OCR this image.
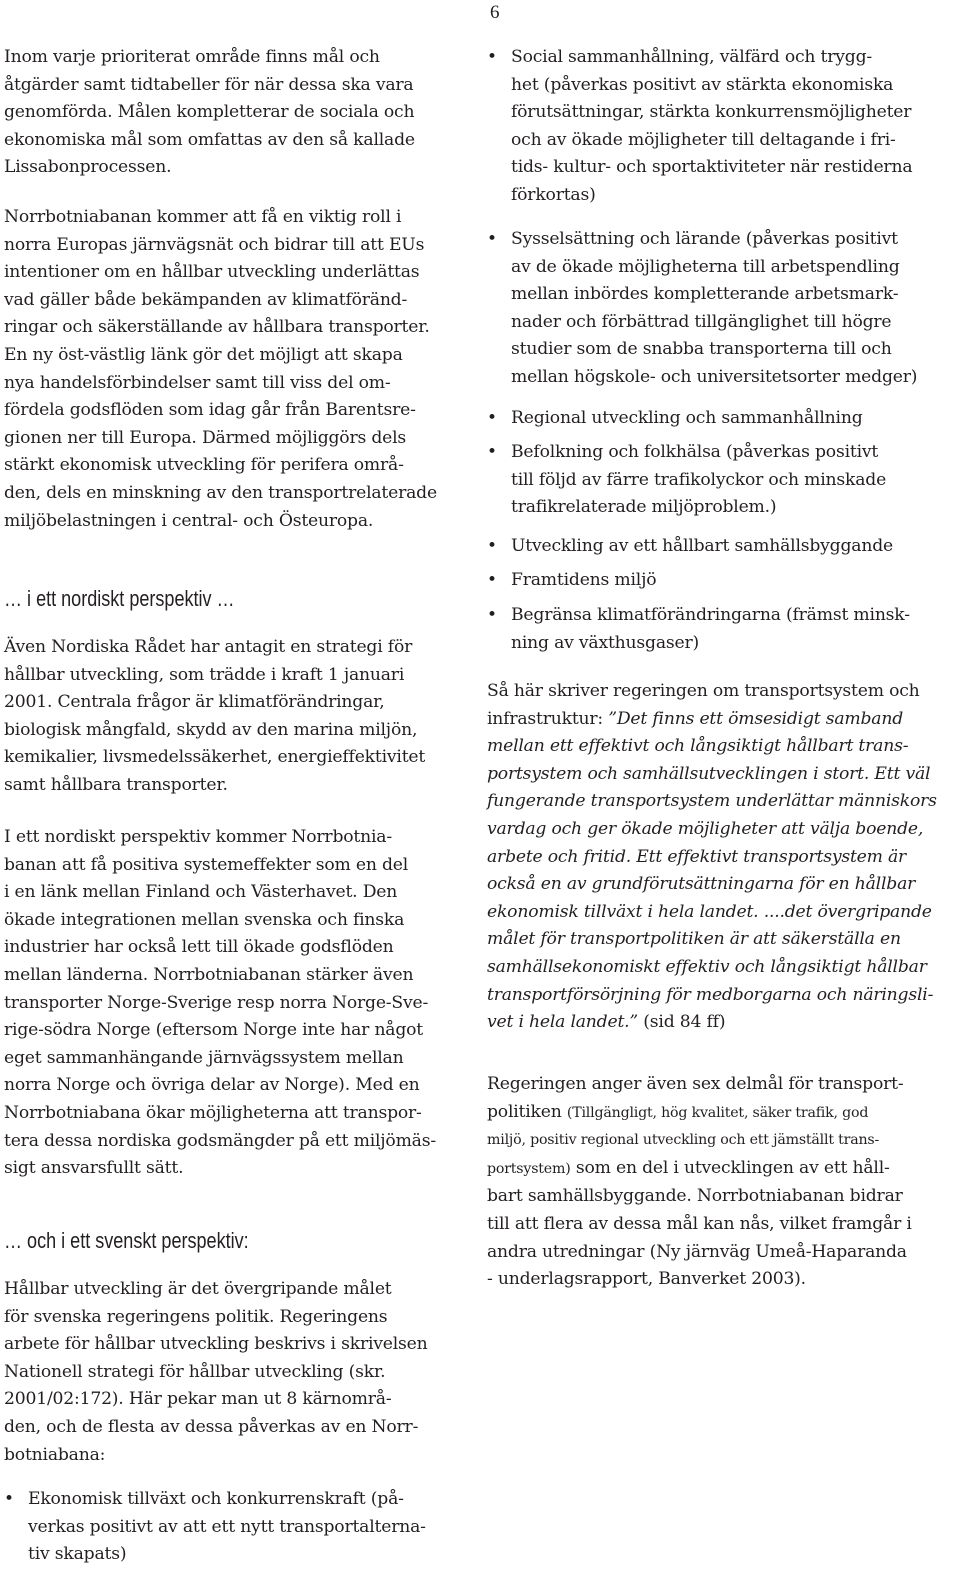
6

Inom varje prioriterat område finns mål och
åtgärder samt tidtabeller för när dessa ska vara
genomförda. Målen kompletterar de sociala och
ekonomiska mål som omfattas av den så kallade
Lissabonprocessen.

Norrbotniabanan kommer att få en viktig roll i
norra Europas järnvägsnät och bidrar till att EUs
intentioner om en hållbar utveckling underlättas
vad gäller både bekämpanden av klimatföränd-
ringar och säkerställande av hållbara transporter.
En ny öst-västlig länk gör det möjligt att skapa
nya handelsförbindelser samt till viss del om-
fördela godsflöden som idag går från Barentsre-
gionen ner till Europa. Därmed möjliggörs dels
stärkt ekonomisk utveckling för perifera områ-
den, dels en minskning av den transportrelaterade
miljöbelastningen i central- och Östeuropa.

… i ett nordiskt perspektiv …

Även Nordiska Rådet har antagit en strategi för
hållbar utveckling, som trädde i kraft 1 januari
2001. Centrala frågor är klimatförändringar,
biologisk mångfald, skydd av den marina miljön,
kemikalier, livsmedelssäkerhet, energieffektivitet
samt hållbara transporter.

I ett nordiskt perspektiv kommer Norrbotnia-
banan att få positiva systemeffekter som en del
i en länk mellan Finland och Västerhavet. Den
ökade integrationen mellan svenska och finska
industrier har också lett till ökade godsflöden
mellan länderna. Norrbotniabanan stärker även
transporter Norge-Sverige resp norra Norge-Sve-
rige-södra Norge (eftersom Norge inte har något
eget sammanhängande järnvägssystem mellan
norra Norge och övriga delar av Norge). Med en
Norrbotniabana ökar möjligheterna att transpor-
tera dessa nordiska godsmängder på ett miljömäs-
sigt ansvarsfullt sätt.

… och i ett svenskt perspektiv:

Hållbar utveckling är det övergripande målet
för svenska regeringens politik. Regeringens
arbete för hållbar utveckling beskrivs i skrivelsen
Nationell strategi för hållbar utveckling (skr.
2001/02:172). Här pekar man ut 8 kärnområ-
den, och de flesta av dessa påverkas av en Norr-
botniabana:

• Ekonomisk tillväxt och konkurrenskraft (på-
verkas positivt av att ett nytt transportalterna-
tiv skapats)
• Social sammanhållning, välfärd och trygg-
het (påverkas positivt av stärkta ekonomiska
förutsättningar, stärkta konkurrensmöjligheter
och av ökade möjligheter till deltagande i fri-
tids- kultur- och sportaktiviteter när restiderna
förkortas)
• Sysselsättning och lärande (påverkas positivt
av de ökade möjligheterna till arbetspendling
mellan inbördes kompletterande arbetsmark-
nader och förbättrad tillgänglighet till högre
studier som de snabba transporterna till och
mellan högskole- och universitetsorter medger)
• Regional utveckling och sammanhållning
• Befolkning och folkhälsa (påverkas positivt
till följd av färre trafikolyckor och minskade
trafikrelaterade miljöproblem.)
• Utveckling av ett hållbart samhällsbyggande
• Framtidens miljö
• Begränsa klimatförändringarna (främst minsk-
ning av växthusgaser)
Så här skriver regeringen om transportsystem och
infrastruktur: ”Det finns ett ömsesidigt samband
mellan ett effektivt och långsiktigt hållbart trans-
portsystem och samhällsutvecklingen i stort. Ett väl
fungerande transportsystem underlättar människors
vardag och ger ökade möjligheter att välja boende,
arbete och fritid. Ett effektivt transportsystem är
också en av grundförutsättningarna för en hållbar
ekonomisk tillväxt i hela landet. ....det övergripande
målet för transportpolitiken är att säkerställa en
samhällsekonomiskt effektiv och långsiktigt hållbar
transportförsörjning för medborgarna och näringsli-
vet i hela landet.” (sid 84 ff)
Regeringen anger även sex delmål för transport-
politiken (Tillgängligt, hög kvalitet, säker trafik, god
miljö, positiv regional utveckling och ett jämställt trans-
portsystem) som en del i utvecklingen av ett håll-
bart samhällsbyggande. Norrbotniabanan bidrar
till att flera av dessa mål kan nås, vilket framgår i
andra utredningar (Ny järnväg Umeå-Haparanda
- underlagsrapport, Banverket 2003).
